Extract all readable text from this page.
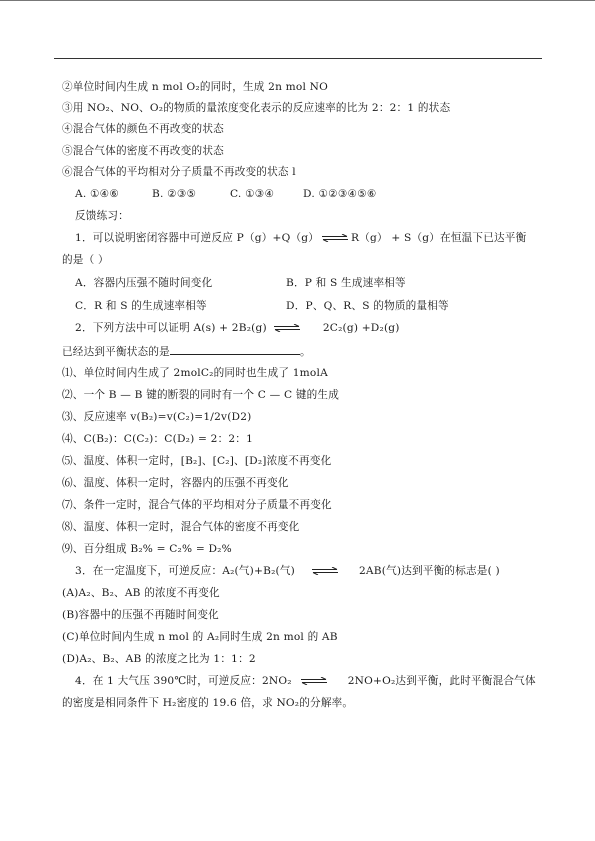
②单位时间内生成 n mol O₂的同时，生成 2n mol NO
③用 NO₂、NO、O₂的物质的量浓度变化表示的反应速率的比为 2：2：1 的状态
④混合气体的颜色不再改变的状态
⑤混合气体的密度不再改变的状态
⑥混合气体的平均相对分子质量不再改变的状态 l
A. ①④⑥	B. ②③⑤	C. ①③④	D. ①②③④⑤⑥
反馈练习：
1．可以说明密闭容器中可逆反应 P（g）+Q（g） ⇌ R（g） + S（g）在恒温下已达平衡
的是（ ）
A．容器内压强不随时间变化	B．P 和 S 生成速率相等
C．R 和 S 的生成速率相等	D．P、Q、R、S 的物质的量相等
2．下列方法中可以证明 A(s) + 2B₂(g) ⇌ 2C₂(g) +D₂(g)
已经达到平衡状态的是	。
⑴、单位时间内生成了 2molC₂的同时也生成了 1molA
⑵、一个 B — B 键的断裂的同时有一个 C — C 键的生成
⑶、反应速率 v(B₂)=v(C₂)=1/2v(D2)
⑷、C(B₂)：C(C₂)：C(D₂) = 2：2：1
⑸、温度、体积一定时，[B₂]、[C₂]、[D₂]浓度不再变化
⑹、温度、体积一定时，容器内的压强不再变化
⑺、条件一定时，混合气体的平均相对分子质量不再变化
⑻、温度、体积一定时，混合气体的密度不再变化
⑼、百分组成 B₂% = C₂% = D₂%
3．在一定温度下，可逆反应：A₂(气)+B₂(气)	2AB(气)达到平衡的标志是( )
(A)A₂、B₂、AB 的浓度不再变化
(B)容器中的压强不再随时间变化
(C)单位时间内生成 n mol 的 A₂同时生成 2n mol 的 AB
(D)A₂、B₂、AB 的浓度之比为 1：1：2
4．在 1 大气压 390℃时，可逆反应：2NO₂ ⇌ 2NO+O₂达到平衡，此时平衡混合气体
的密度是相同条件下 H₂密度的 19.6 倍，求 NO₂的分解率。
